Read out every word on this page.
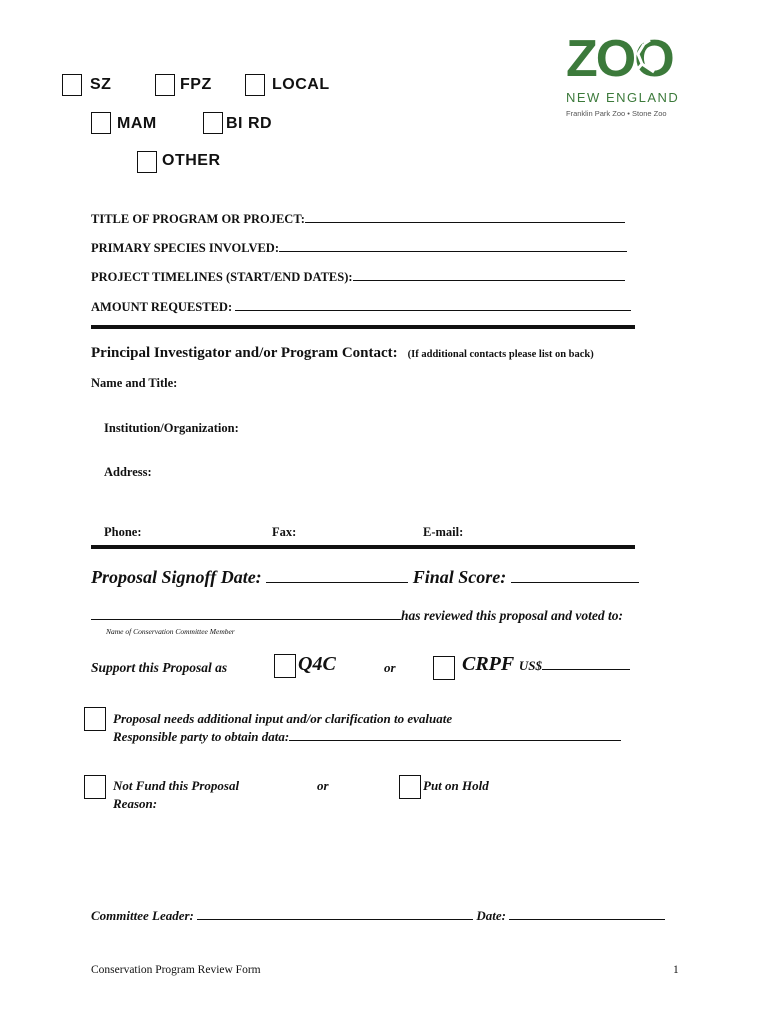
SZ	FPZ	LOCAL
MAM	BI RD
OTHER
ZOO
NEW ENGLAND
Franklin Park Zoo • Stone Zoo
TITLE OF PROGRAM OR PROJECT:
PRIMARY SPECIES INVOLVED:
PROJECT TIMELINES (START/END DATES):
AMOUNT REQUESTED:
Principal Investigator and/or Program Contact: (If additional contacts please list on back)
Name and Title:
Institution/Organization:
Address:
Phone:	Fax:	E-mail:
Proposal Signoff Date:	Final Score:
has reviewed this proposal and voted to:
Name of Conservation Committee Member
Support this Proposal as	Q4C	or	CRPF US$
Proposal needs additional input and/or clarification to evaluate
Responsible party to obtain data:
Not Fund this Proposal
Reason:
or	Put on Hold
Committee Leader:	Date:
Conservation Program Review Form	1
